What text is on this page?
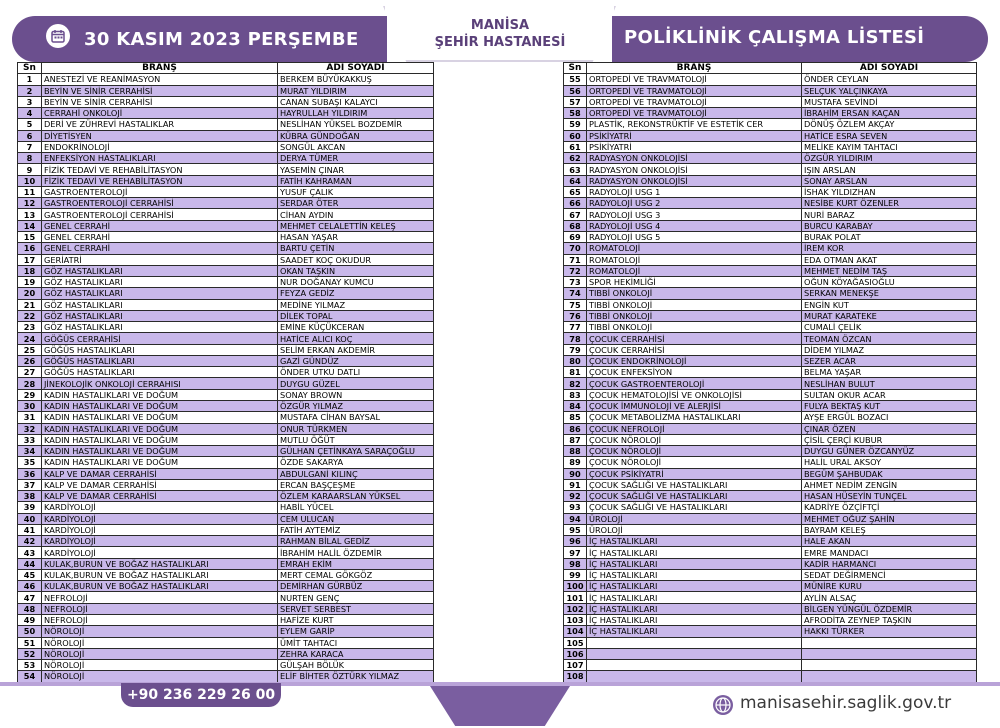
30 KASIM 2023 PERŞEMBE
MANİSA
ŞEHİR HASTANESİ	POLİKLİNİK ÇALIŞMA LİSTESİ
Sn	BRANŞ	ADI SOYADI
1	ANESTEZİ VE REANİMASYON	BERKEM BÜYÜKAKKUŞ
2	BEYİN VE SİNİR CERRAHİSİ	MURAT YILDIRIM
3	BEYİN VE SİNİR CERRAHİSİ	CANAN SUBAŞI KALAYCI
4	CERRAHİ ONKOLOJİ	HAYRULLAH YILDIRIM
5	DERİ VE ZÜHREVİ HASTALIKLAR	NESLİHAN YÜKSEL BOZDEMİR
6	DİYETİSYEN	KÜBRA GÜNDOĞAN
7	ENDOKRİNOLOJİ	SONGÜL AKCAN
8	ENFEKSİYON HASTALIKLARI	DERYA TÜMER
9	FİZİK TEDAVİ VE REHABİLİTASYON	YASEMİN ÇINAR
10	FİZİK TEDAVİ VE REHABİLİTASYON	FATİH KAHRAMAN
11	GASTROENTEROLOJİ	YUSUF ÇALIK
12	GASTROENTEROLOJİ CERRAHİSİ	SERDAR ÖTER
13	GASTROENTEROLOJİ CERRAHİSİ	CİHAN AYDIN
14	GENEL CERRAHİ	MEHMET CELALETTİN KELEŞ
15	GENEL CERRAHİ	HASAN YAŞAR
16	GENEL CERRAHİ	BARTU ÇETİN
17	GERİATRİ	SAADET KOÇ OKUDUR
18	GÖZ HASTALIKLARI	OKAN TAŞKIN
19	GÖZ HASTALIKLARI	NUR DOĞANAY KUMCU
20	GÖZ HASTALIKLARI	FEYZA GEDİZ
21	GÖZ HASTALIKLARI	MEDİNE YILMAZ
22	GÖZ HASTALIKLARI	DİLEK TOPAL
23	GÖZ HASTALIKLARI	EMİNE KÜÇÜKCERAN
24	GÖĞÜS CERRAHİSİ	HATİCE ALICI KOÇ
25	GÖĞÜS HASTALIKLARI	SELİM ERKAN AKDEMİR
26	GÖĞÜS HASTALIKLARI	GAZİ GÜNDÜZ
27	GÖĞÜS HASTALIKLARI	ÖNDER UTKU DATLI
28	JİNEKOLOJİK ONKOLOJİ CERRAHISI	DUYGU GÜZEL
29	KADIN HASTALIKLARI VE DOĞUM	SONAY BROWN
30	KADIN HASTALIKLARI VE DOĞUM	ÖZGÜR YILMAZ
31	KADIN HASTALIKLARI VE DOĞUM	MUSTAFA CİHAN BAYSAL
32	KADIN HASTALIKLARI VE DOĞUM	ONUR TÜRKMEN
33	KADIN HASTALIKLARI VE DOĞUM	MUTLU ÖĞÜT
34	KADIN HASTALIKLARI VE DOĞUM	GÜLHAN ÇETİNKAYA SARAÇOĞLU
35	KADIN HASTALIKLARI VE DOĞUM	ÖZDE SAKARYA
36	KALP VE DAMAR CERRAHİSİ	ABDULGANİ KILINÇ
37	KALP VE DAMAR CERRAHİSİ	ERCAN BAŞÇEŞME
38	KALP VE DAMAR CERRAHİSİ	ÖZLEM KARAARSLAN YÜKSEL
39	KARDİYOLOJİ	HABİL YÜCEL
40	KARDİYOLOJİ	CEM ULUCAN
41	KARDİYOLOJİ	FATİH AYTEMİZ
42	KARDİYOLOJİ	RAHMAN BİLAL GEDİZ
43	KARDİYOLOJİ	İBRAHİM HALİL ÖZDEMİR
44	KULAK,BURUN VE BOĞAZ HASTALIKLARI	EMRAH EKİM
45	KULAK,BURUN VE BOĞAZ HASTALIKLARI	MERT CEMAL GÖKGÖZ
46	KULAK,BURUN VE BOĞAZ HASTALIKLARI	DEMİRHAN GÜRBÜZ
47	NEFROLOJİ	NURTEN GENÇ
48	NEFROLOJİ	SERVET SERBEST
49	NEFROLOJİ	HAFİZE KURT
50	NÖROLOJİ	EYLEM GARİP
51	NÖROLOJİ	ÜMİT TAHTACI
52	NÖROLOJİ	ZEHRA KARACA
53	NÖROLOJİ	GÜLŞAH BÖLÜK
54	NÖROLOJİ	ELİF BİHTER ÖZTÜRK YILMAZ
Sn	BRANŞ	ADI SOYADI
55	ORTOPEDİ VE TRAVMATOLOJİ	ÖNDER CEYLAN
56	ORTOPEDİ VE TRAVMATOLOJİ	SELÇUK YALÇINKAYA
57	ORTOPEDİ VE TRAVMATOLOJİ	MUSTAFA SEVİNDİ
58	ORTOPEDİ VE TRAVMATOLOJİ	İBRAHİM ERSAN KAÇAN
59	PLASTİK, REKONSTRÜKTİF VE ESTETİK CER	DÖNÜŞ ÖZLEM AKÇAY
60	PSİKİYATRİ	HATİCE ESRA SEVEN
61	PSİKİYATRİ	MELİKE KAYIM TAHTACI
62	RADYASYON ONKOLOJİSİ	ÖZGÜR YILDIRIM
63	RADYASYON ONKOLOJİSİ	IŞIN ARSLAN
64	RADYASYON ONKOLOJİSİ	SONAY ARSLAN
65	RADYOLOJİ USG 1	İSHAK YILDIZHAN
66	RADYOLOJİ USG 2	NESİBE KURT ÖZENLER
67	RADYOLOJİ USG 3	NURİ BARAZ
68	RADYOLOJİ USG 4	BURCU KARABAY
69	RADYOLOJİ USG 5	BURAK POLAT
70	ROMATOLOJİ	İREM KOR
71	ROMATOLOJİ	EDA OTMAN AKAT
72	ROMATOLOJİ	MEHMET NEDİM TAŞ
73	SPOR HEKİMLİĞİ	OĞUN KÖYAĞASIOĞLU
74	TIBBİ ONKOLOJİ	SERKAN MENEKŞE
75	TIBBİ ONKOLOJİ	ENGİN KUT
76	TIBBİ ONKOLOJİ	MURAT KARATEKE
77	TIBBİ ONKOLOJİ	CUMALİ ÇELİK
78	ÇOCUK CERRAHİSİ	TEOMAN ÖZCAN
79	ÇOCUK CERRAHİSİ	DİDEM YILMAZ
80	ÇOCUK ENDOKRİNOLOJİ	SEZER ACAR
81	ÇOCUK ENFEKSİYON	BELMA YAŞAR
82	ÇOCUK GASTROENTEROLOJİ	NESLİHAN BULUT
83	ÇOCUK HEMATOLOJİSİ VE ONKOLOJİSİ	SULTAN OKUR ACAR
84	ÇOCUK İMMUNOLOJİ VE ALERJİSİ	FULYA BEKTAŞ KUT
85	ÇOCUK METABOLİZMA HASTALIKLARI	AYŞE ERGÜL BOZACI
86	ÇOCUK NEFROLOJİ	ÇINAR ÖZEN
87	ÇOCUK NÖROLOJİ	ÇİSİL ÇERÇİ KUBUR
88	ÇOCUK NÖROLOJİ	DUYGU GÜNER ÖZCANYÜZ
89	ÇOCUK NÖROLOJİ	HALİL URAL AKSOY
90	ÇOCUK PSİKİYATRİ	BEGÜM ŞAHBUDAK
91	ÇOCUK SAĞLIĞI VE HASTALIKLARI	AHMET NEDİM ZENGİN
92	ÇOCUK SAĞLIĞI VE HASTALIKLARI	HASAN HÜSEYİN TUNÇEL
93	ÇOCUK SAĞLIĞI VE HASTALIKLARI	KADRİYE ÖZÇİFTÇİ
94	ÜROLOJİ	MEHMET OĞUZ ŞAHİN
95	ÜROLOJİ	BAYRAM KELEŞ
96	İÇ HASTALIKLARI	HALE AKAN
97	İÇ HASTALIKLARI	EMRE MANDACI
98	İÇ HASTALIKLARI	KADİR HARMANCI
99	İÇ HASTALIKLARI	SEDAT DEĞİRMENCİ
100	İÇ HASTALIKLARI	MÜNİRE KURU
101	İÇ HASTALIKLARI	AYLİN ALSAÇ
102	İÇ HASTALIKLARI	BİLGEN YÜNGÜL ÖZDEMİR
103	İÇ HASTALIKLARI	AFRODİTA ZEYNEP TAŞKIN
104	İÇ HASTALIKLARI	HAKKI TÜRKER
105		
106		
107		
108		
+90 236 229 26 00	manisasehir.saglik.gov.tr
